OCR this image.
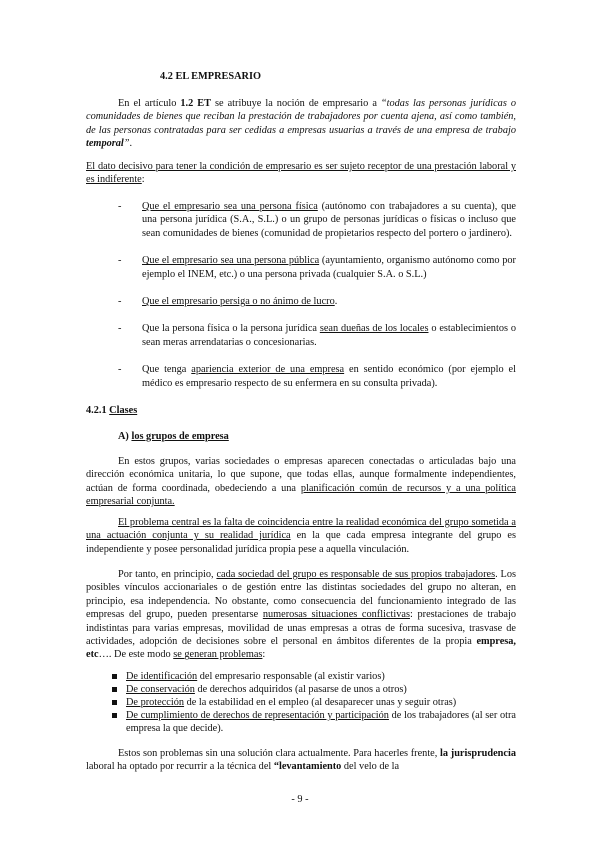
4.2 EL EMPRESARIO

En el artículo 1.2 ET se atribuye la noción de empresario a “todas las personas jurídicas o comunidades de bienes que reciban la prestación de trabajadores por cuenta ajena, así como también, de las personas contratadas para ser cedidas a empresas usuarias a través de una empresa de trabajo temporal”.

El dato decisivo para tener la condición de empresario es ser sujeto receptor de una prestación laboral y es indiferente:

- Que el empresario sea una persona física (autónomo con trabajadores a su cuenta), que una persona jurídica (S.A., S.L.) o un grupo de personas jurídicas o físicas o incluso que sean comunidades de bienes (comunidad de propietarios respecto del portero o jardinero).
- Que el empresario sea una persona pública (ayuntamiento, organismo autónomo como por ejemplo el INEM, etc.) o una persona privada (cualquier S.A. o S.L.)
- Que el empresario persiga o no ánimo de lucro.
- Que la persona física o la persona jurídica sean dueñas de los locales o establecimientos o sean meras arrendatarias o concesionarias.
- Que tenga apariencia exterior de una empresa en sentido económico (por ejemplo el médico es empresario respecto de su enfermera en su consulta privada).
4.2.1 Clases
A) los grupos de empresa

En estos grupos, varias sociedades o empresas aparecen conectadas o articuladas bajo una dirección económica unitaria, lo que supone, que todas ellas, aunque formalmente independientes, actúan de forma coordinada, obedeciendo a una planificación común de recursos y a una política empresarial conjunta.

El problema central es la falta de coincidencia entre la realidad económica del grupo sometida a una actuación conjunta y su realidad jurídica en la que cada empresa integrante del grupo es independiente y posee personalidad jurídica propia pese a aquella vinculación.

Por tanto, en principio, cada sociedad del grupo es responsable de sus propios trabajadores. Los posibles vínculos accionariales o de gestión entre las distintas sociedades del grupo no alteran, en principio, esa independencia. No obstante, como consecuencia del funcionamiento integrado de las empresas del grupo, pueden presentarse numerosas situaciones conflictivas: prestaciones de trabajo indistintas para varias empresas, movilidad de unas empresas a otras de forma sucesiva, trasvase de actividades, adopción de decisiones sobre el personal en ámbitos diferentes de la propia empresa, etc…. De este modo se generan problemas:

De identificación del empresario responsable (al existir varios)
De conservación de derechos adquiridos (al pasarse de unos a otros)
De protección de la estabilidad en el empleo (al desaparecer unas y seguir otras)
De cumplimiento de derechos de representación y participación de los trabajadores (al ser otra empresa la que decide).

Estos son problemas sin una solución clara actualmente. Para hacerles frente, la jurisprudencia laboral ha optado por recurrir a la técnica del “levantamiento del velo de la

- 9 -
